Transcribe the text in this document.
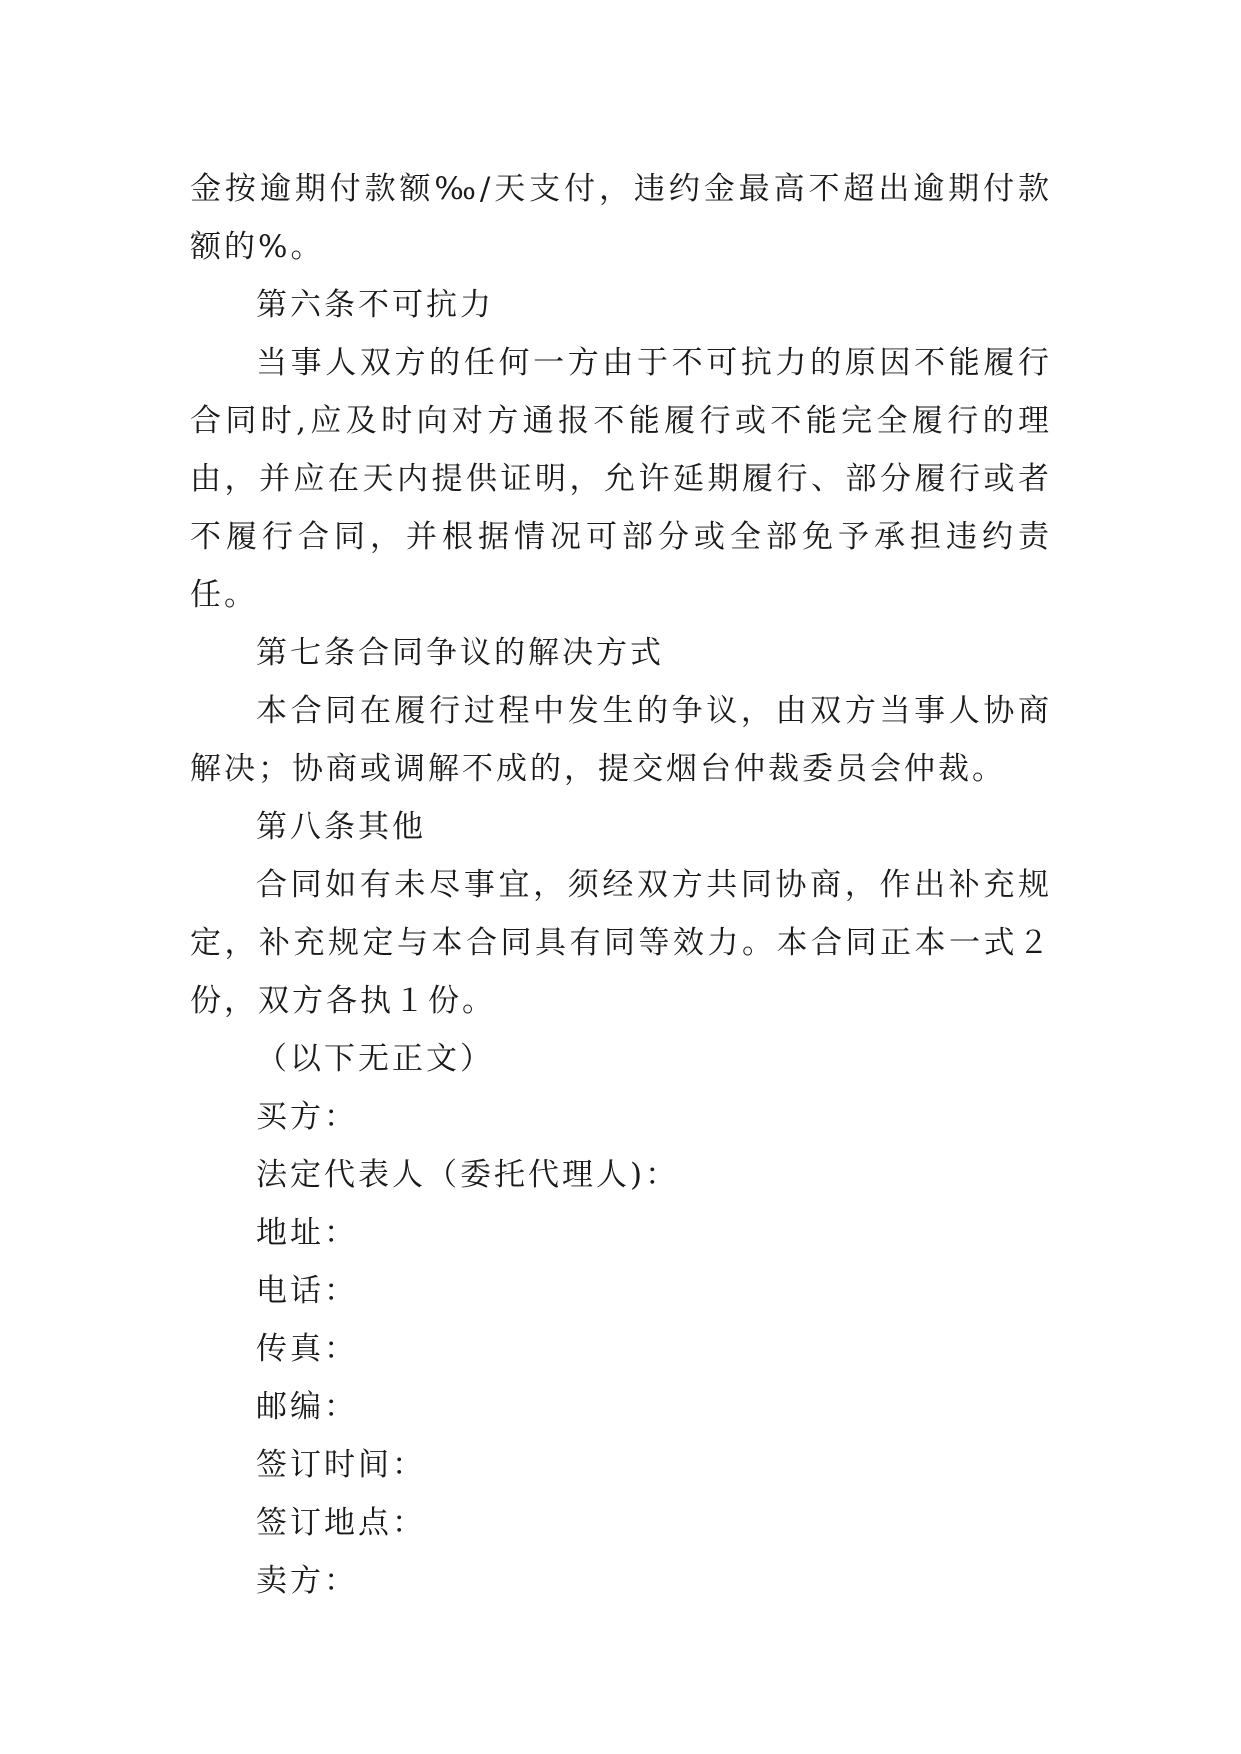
金按逾期付款额‰/天支付，违约金最高不超出逾期付款额的%。

第六条不可抗力

当事人双方的任何一方由于不可抗力的原因不能履行合同时,应及时向对方通报不能履行或不能完全履行的理由，并应在天内提供证明，允许延期履行、部分履行或者不履行合同，并根据情况可部分或全部免予承担违约责任。

第七条合同争议的解决方式

本合同在履行过程中发生的争议，由双方当事人协商解决；协商或调解不成的，提交烟台仲裁委员会仲裁。

第八条其他

合同如有未尽事宜，须经双方共同协商，作出补充规定，补充规定与本合同具有同等效力。本合同正本一式２份，双方各执１份。

（以下无正文）

买方：

法定代表人（委托代理人)：

地址：

电话：

传真：

邮编：

签订时间：

签订地点：

卖方：
